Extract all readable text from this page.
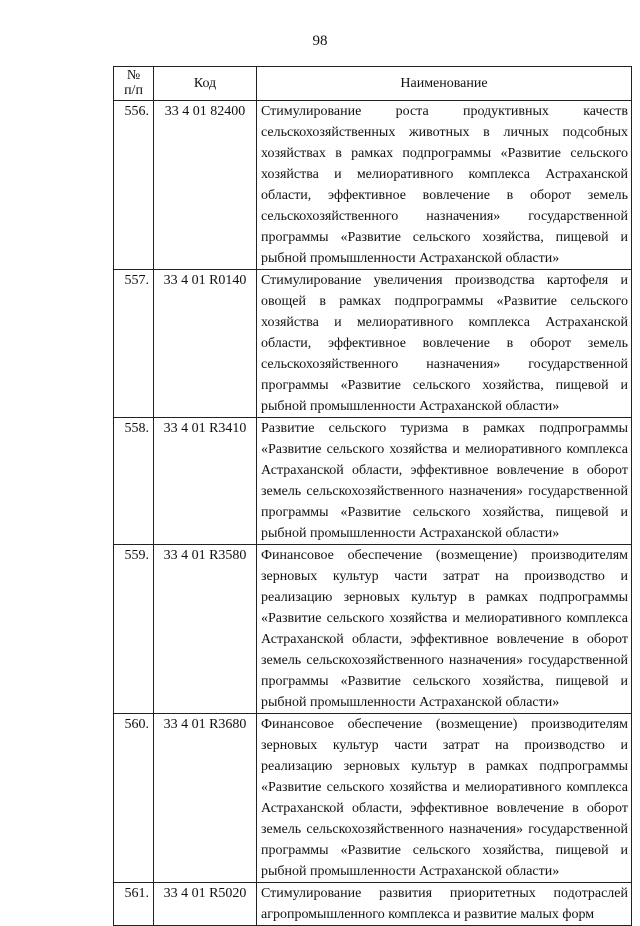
98
№
п/п	Код	Наименование
556.	33 4 01 82400	Стимулирование роста продуктивных качеств сельскохозяйственных животных в личных подсобных хозяйствах в рамках подпрограммы «Развитие сельского хозяйства и мелиоративного комплекса Астраханской области, эффективное вовлечение в оборот земель сельскохозяйственного назначения» государственной программы «Развитие сельского хозяйства, пищевой и рыбной промышленности Астраханской области»
557.	33 4 01 R0140	Стимулирование увеличения производства картофеля и овощей в рамках подпрограммы «Развитие сельского хозяйства и мелиоративного комплекса Астраханской области, эффективное вовлечение в оборот земель сельскохозяйственного назначения» государственной программы «Развитие сельского хозяйства, пищевой и рыбной промышленности Астраханской области»
558.	33 4 01 R3410	Развитие сельского туризма в рамках подпрограммы «Развитие сельского хозяйства и мелиоративного комплекса Астраханской области, эффективное вовлечение в оборот земель сельскохозяйственного назначения» государственной программы «Развитие сельского хозяйства, пищевой и рыбной промышленности Астраханской области»
559.	33 4 01 R3580	Финансовое обеспечение (возмещение) производителям зерновых культур части затрат на производство и реализацию зерновых культур в рамках подпрограммы «Развитие сельского хозяйства и мелиоративного комплекса Астраханской области, эффективное вовлечение в оборот земель сельскохозяйственного назначения» государственной программы «Развитие сельского хозяйства, пищевой и рыбной промышленности Астраханской области»
560.	33 4 01 R3680	Финансовое обеспечение (возмещение) производителям зерновых культур части затрат на производство и реализацию зерновых культур в рамках подпрограммы «Развитие сельского хозяйства и мелиоративного комплекса Астраханской области, эффективное вовлечение в оборот земель сельскохозяйственного назначения» государственной программы «Развитие сельского хозяйства, пищевой и рыбной промышленности Астраханской области»
561.	33 4 01 R5020	Стимулирование развития приоритетных подотраслей агропромышленного комплекса и развитие малых форм
